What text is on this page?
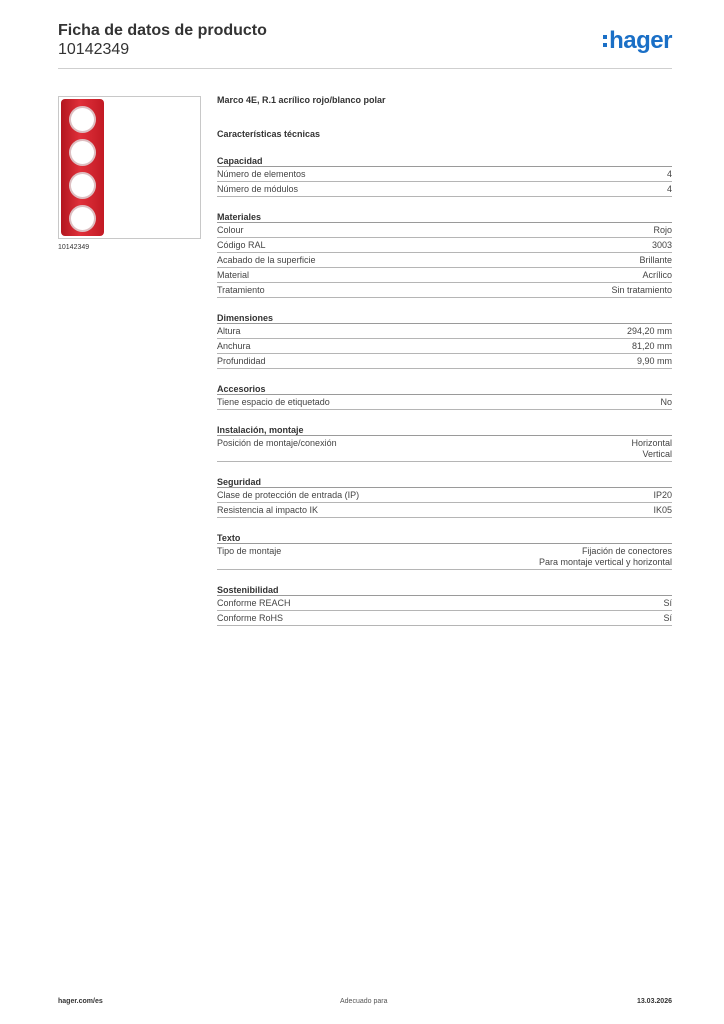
Ficha de datos de producto
10142349	hager
10142349
Marco 4E, R.1 acrílico rojo/blanco polar
Características técnicas
Capacidad
Número de elementos	4
Número de módulos	4
Materiales
Colour	Rojo
Código RAL	3003
Acabado de la superficie	Brillante
Material	Acrílico
Tratamiento	Sin tratamiento
Dimensiones
Altura	294,20 mm
Anchura	81,20 mm
Profundidad	9,90 mm
Accesorios
Tiene espacio de etiquetado	No
Instalación, montaje
Posición de montaje/conexión	Horizontal
Vertical
Seguridad
Clase de protección de entrada (IP)	IP20
Resistencia al impacto IK	IK05
Texto
Tipo de montaje	Fijación de conectores
Para montaje vertical y horizontal
Sostenibilidad
Conforme REACH	Sí
Conforme RoHS	Sí
hager.com/es	Adecuado para	13.03.2026
